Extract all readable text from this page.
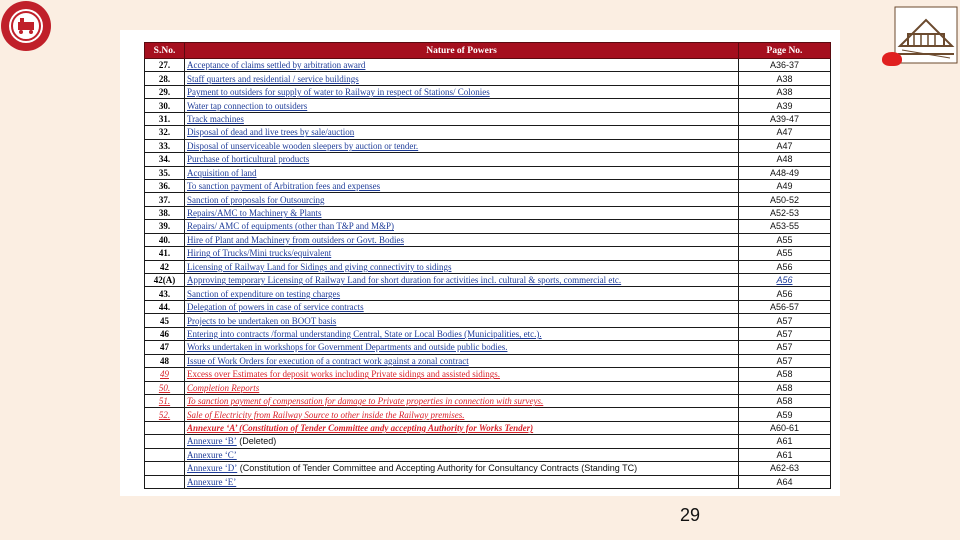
S.No.	Nature of Powers	Page No.
27.	Acceptance of claims settled by arbitration award	A36-37
28.	Staff quarters and residential / service buildings	A38
29.	Payment to outsiders for supply of water to Railway in respect of Stations/ Colonies	A38
30.	Water tap connection to outsiders	A39
31.	Track machines	A39-47
32.	Disposal of dead and live trees by sale/auction	A47
33.	Disposal of unserviceable wooden sleepers by auction or tender.	A47
34.	Purchase of horticultural products	A48
35.	Acquisition of land	A48-49
36.	To sanction payment of Arbitration fees and expenses	A49
37.	Sanction of proposals for Outsourcing	A50-52
38.	Repairs/AMC to Machinery & Plants	A52-53
39.	Repairs/ AMC of equipments (other than T&P and M&P)	A53-55
40.	Hire of Plant and Machinery from outsiders or Govt. Bodies	A55
41.	Hiring of Trucks/Mini trucks/equivalent	A55
42	Licensing of Railway Land for Sidings and giving connectivity to sidings	A56
42(A)	Approving temporary Licensing of Railway Land for short duration for activities incl. cultural & sports, commercial etc.	A56
43.	Sanction of expenditure on testing charges	A56
44.	Delegation of powers in case of service contracts	A56-57
45	Projects to be undertaken on BOOT basis	A57
46	Entering into contracts /formal understanding Central, State or Local Bodies (Municipalities, etc.).	A57
47	Works undertaken in workshops for Government Departments and outside public bodies.	A57
48	Issue of Work Orders for execution of a contract work against a zonal contract	A57
49	Excess over Estimates for deposit works including Private sidings and assisted sidings.	A58
50.	Completion Reports	A58
51.	To sanction payment of compensation for damage to Private properties in connection with surveys.	A58
52.	Sale of Electricity from Railway Source to other inside the Railway premises.	A59
	Annexure ‘A’ (Constitution of Tender Committee andy accepting Authority for Works Tender)	A60-61
	Annexure ‘B’ (Deleted)	A61
	Annexure ‘C’	A61
	Annexure ‘D’ (Constitution of Tender Committee and Accepting Authority for Consultancy Contracts (Standing TC)	A62-63
	Annexure ‘E’	A64
29
